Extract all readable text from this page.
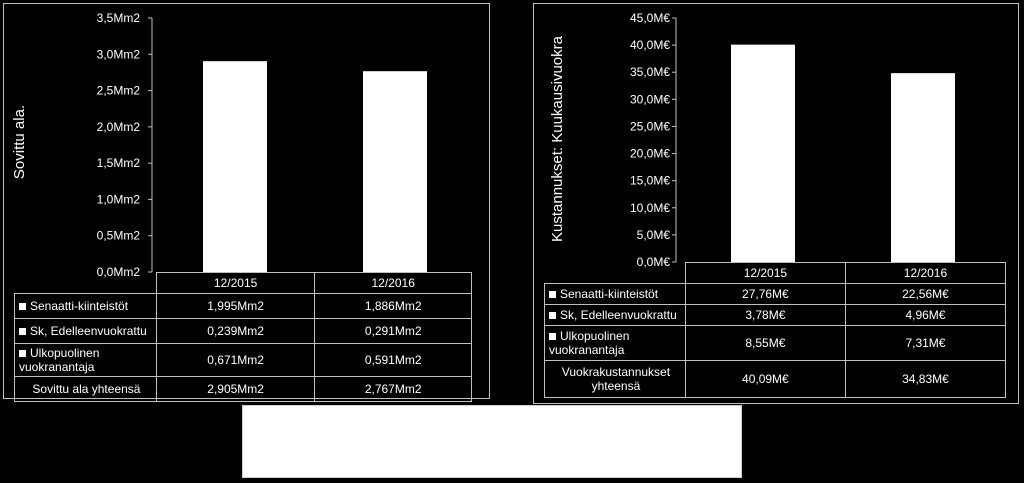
0,0Mm2
0,5Mm2
1,0Mm2
1,5Mm2
2,0Mm2
2,5Mm2
3,0Mm2
3,5Mm2
Sovittu ala.
	12/2015	12/2016
Senaatti-kiinteistöt	1,995Mm2	1,886Mm2
Sk, Edelleenvuokrattu	0,239Mm2	0,291Mm2
Ulkopuolinen vuokranantaja	0,671Mm2	0,591Mm2
Sovittu ala yhteensä	2,905Mm2	2,767Mm2
0,0M€
5,0M€
10,0M€
15,0M€
20,0M€
25,0M€
30,0M€
35,0M€
40,0M€
45,0M€
Kustannukset: Kuukausivuokra
	12/2015	12/2016
Senaatti-kiinteistöt	27,76M€	22,56M€
Sk, Edelleenvuokrattu	3,78M€	4,96M€
Ulkopuolinen vuokranantaja	8,55M€	7,31M€
Vuokrakustannukset yhteensä	40,09M€	34,83M€
